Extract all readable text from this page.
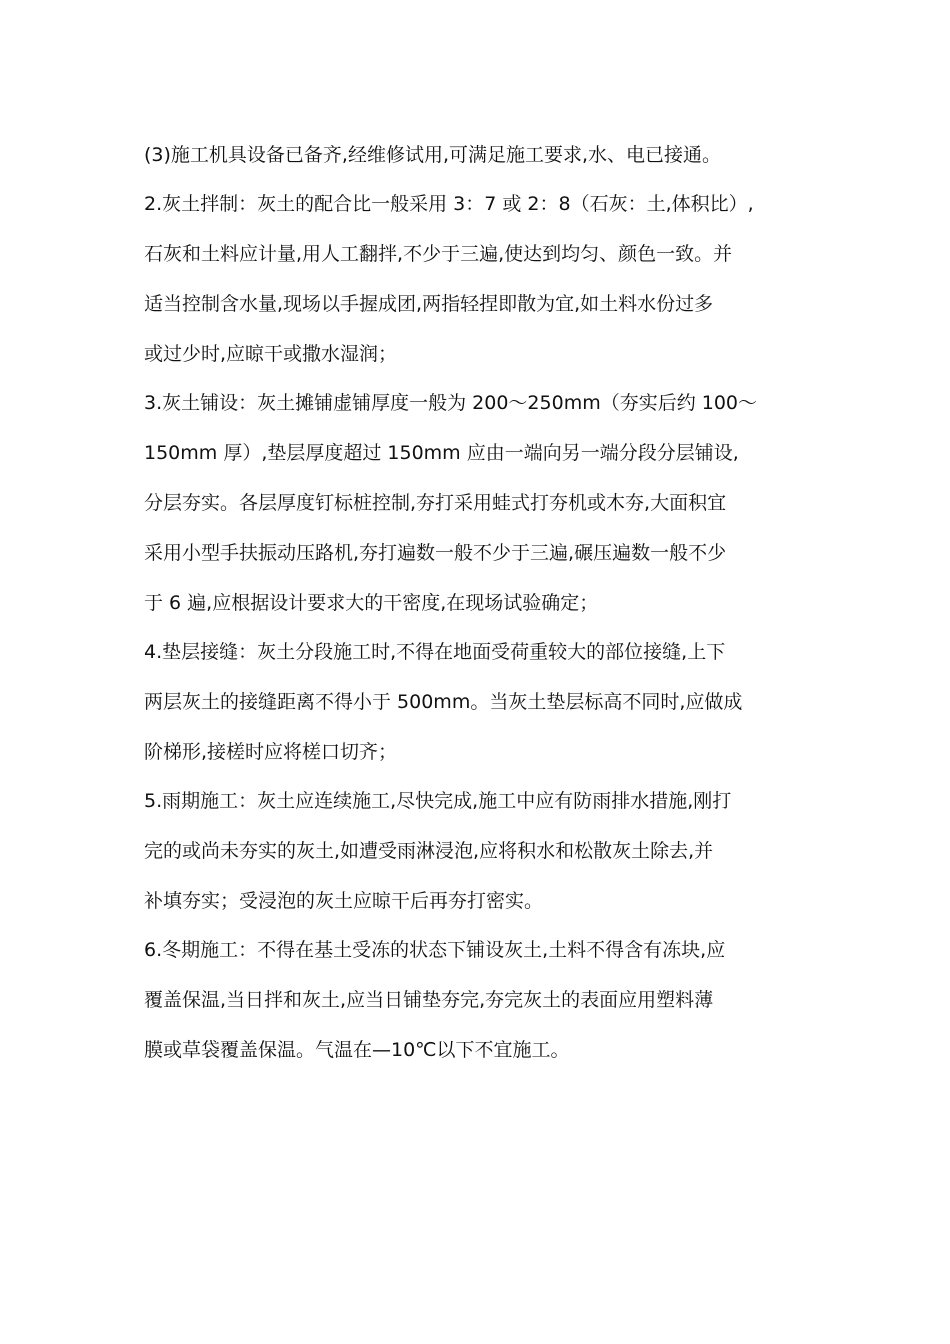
(3)施工机具设备已备齐,经维修试用,可满足施工要求,水、电已接通。

2.灰土拌制：灰土的配合比一般采用 3：7 或 2：8（石灰：土,体积比）,
石灰和土料应计量,用人工翻拌,不少于三遍,使达到均匀、颜色一致。并
适当控制含水量,现场以手握成团,两指轻捏即散为宜,如土料水份过多
或过少时,应晾干或撒水湿润；

3.灰土铺设：灰土摊铺虚铺厚度一般为 200～250mm（夯实后约 100～
150mm 厚）,垫层厚度超过 150mm 应由一端向另一端分段分层铺设,
分层夯实。各层厚度钉标桩控制,夯打采用蛙式打夯机或木夯,大面积宜
采用小型手扶振动压路机,夯打遍数一般不少于三遍,碾压遍数一般不少
于 6 遍,应根据设计要求大的干密度,在现场试验确定；

4.垫层接缝：灰土分段施工时,不得在地面受荷重较大的部位接缝,上下
两层灰土的接缝距离不得小于 500mm。当灰土垫层标高不同时,应做成
阶梯形,接槎时应将槎口切齐；

5.雨期施工：灰土应连续施工,尽快完成,施工中应有防雨排水措施,刚打
完的或尚未夯实的灰土,如遭受雨淋浸泡,应将积水和松散灰土除去,并
补填夯实；受浸泡的灰土应晾干后再夯打密实。

6.冬期施工：不得在基土受冻的状态下铺设灰土,土料不得含有冻块,应
覆盖保温,当日拌和灰土,应当日铺垫夯完,夯完灰土的表面应用塑料薄
膜或草袋覆盖保温。气温在—10℃以下不宜施工。
